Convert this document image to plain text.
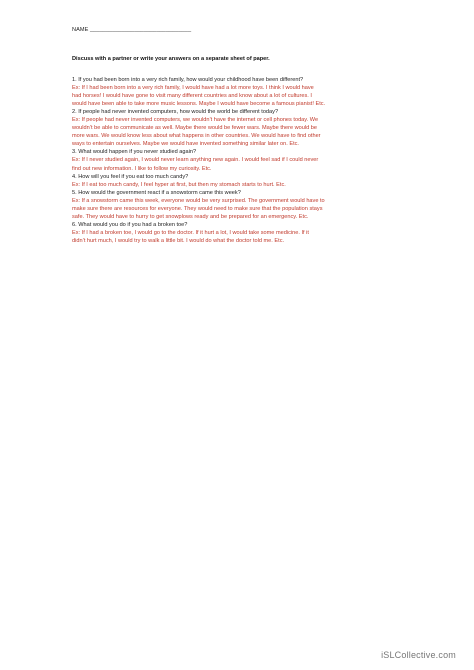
NAME ________________________________
Discuss with a partner or write your answers on a separate sheet of paper.
1. If you had been born into a very rich family, how would your childhood have been different?
Ex: If I had been born into a very rich family, I would have had a lot more toys. I think I would have
had horses! I would have gone to visit many different countries and know about a lot of cultures. I
would have been able to take more music lessons. Maybe I would have become a famous pianist! Etc.
2. If people had never invented computers, how would the world be different today?
Ex: If people had never invented computers, we wouldn’t have the internet or cell phones today. We
wouldn’t be able to communicate as well. Maybe there would be fewer wars. Maybe there would be
more wars. We would know less about what happens in other countries. We would have to find other
ways to entertain ourselves. Maybe we would have invented something similar later on. Etc.
3. What would happen if you never studied again?
Ex: If I never studied again, I would never learn anything new again. I would feel sad if I could never
find out new information. I like to follow my curiosity. Etc.
4. How will you feel if you eat too much candy?
Ex: If I eat too much candy, I feel hyper at first, but then my stomach starts to hurt. Etc.
5. How would the government react if a snowstorm came this week?
Ex: If a snowstorm came this week, everyone would be very surprised. The government would have to
make sure there are resources for everyone. They would need to make sure that the population stays
safe. They would have to hurry to get snowplows ready and be prepared for an emergency. Etc.
6. What would you do if you had a broken toe?
Ex: If I had a broken toe, I would go to the doctor. If it hurt a lot, I would take some medicine. If it
didn’t hurt much, I would try to walk a little bit. I would do what the doctor told me. Etc.
iSLCollective.com
